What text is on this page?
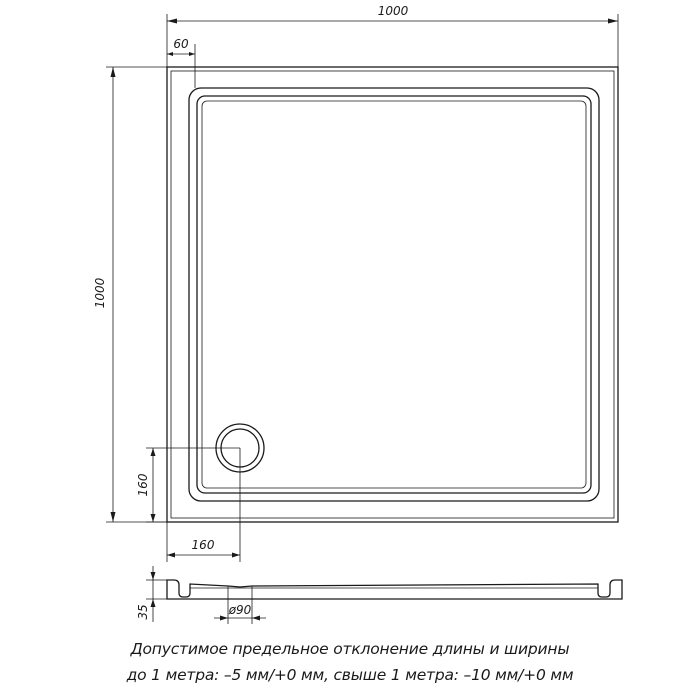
1000
60
1000
160
160
35	ø90
Допустимое предельное отклонение длины и ширины
до 1 метра: –5 мм/+0 мм, свыше 1 метра: –10 мм/+0 мм
